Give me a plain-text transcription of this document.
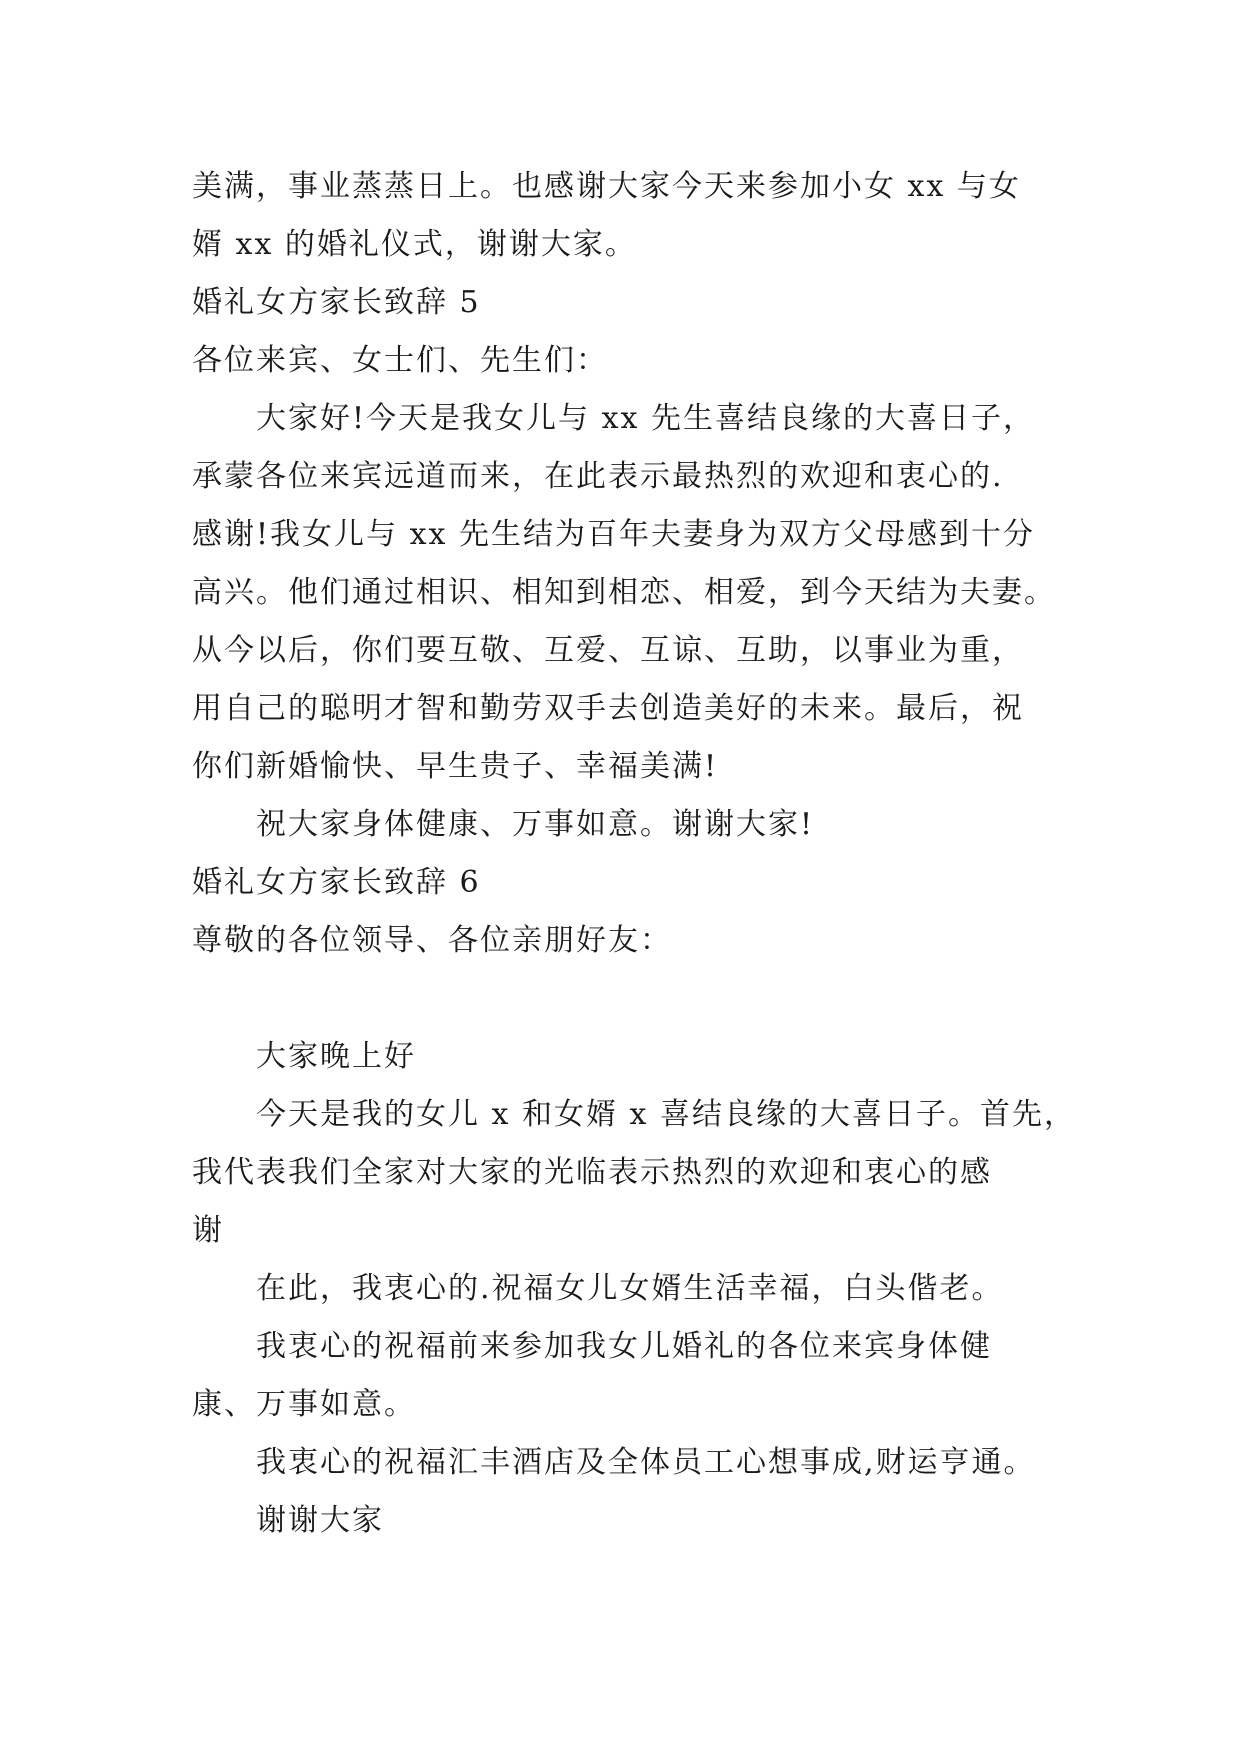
美满，事业蒸蒸日上。也感谢大家今天来参加小女 xx 与女

婿 xx 的婚礼仪式，谢谢大家。

婚礼女方家长致辞 5

各位来宾、女士们、先生们：

大家好!今天是我女儿与 xx 先生喜结良缘的大喜日子，

承蒙各位来宾远道而来，在此表示最热烈的欢迎和衷心的.

感谢!我女儿与 xx 先生结为百年夫妻身为双方父母感到十分

高兴。他们通过相识、相知到相恋、相爱，到今天结为夫妻。

从今以后，你们要互敬、互爱、互谅、互助，以事业为重，

用自己的聪明才智和勤劳双手去创造美好的未来。最后，祝

你们新婚愉快、早生贵子、幸福美满!

祝大家身体健康、万事如意。谢谢大家!

婚礼女方家长致辞 6

尊敬的各位领导、各位亲朋好友：

大家晚上好

今天是我的女儿 x 和女婿 x 喜结良缘的大喜日子。首先，

我代表我们全家对大家的光临表示热烈的欢迎和衷心的感

谢

在此，我衷心的.祝福女儿女婿生活幸福，白头偕老。

我衷心的祝福前来参加我女儿婚礼的各位来宾身体健

康、万事如意。

我衷心的祝福汇丰酒店及全体员工心想事成,财运亨通。

谢谢大家
